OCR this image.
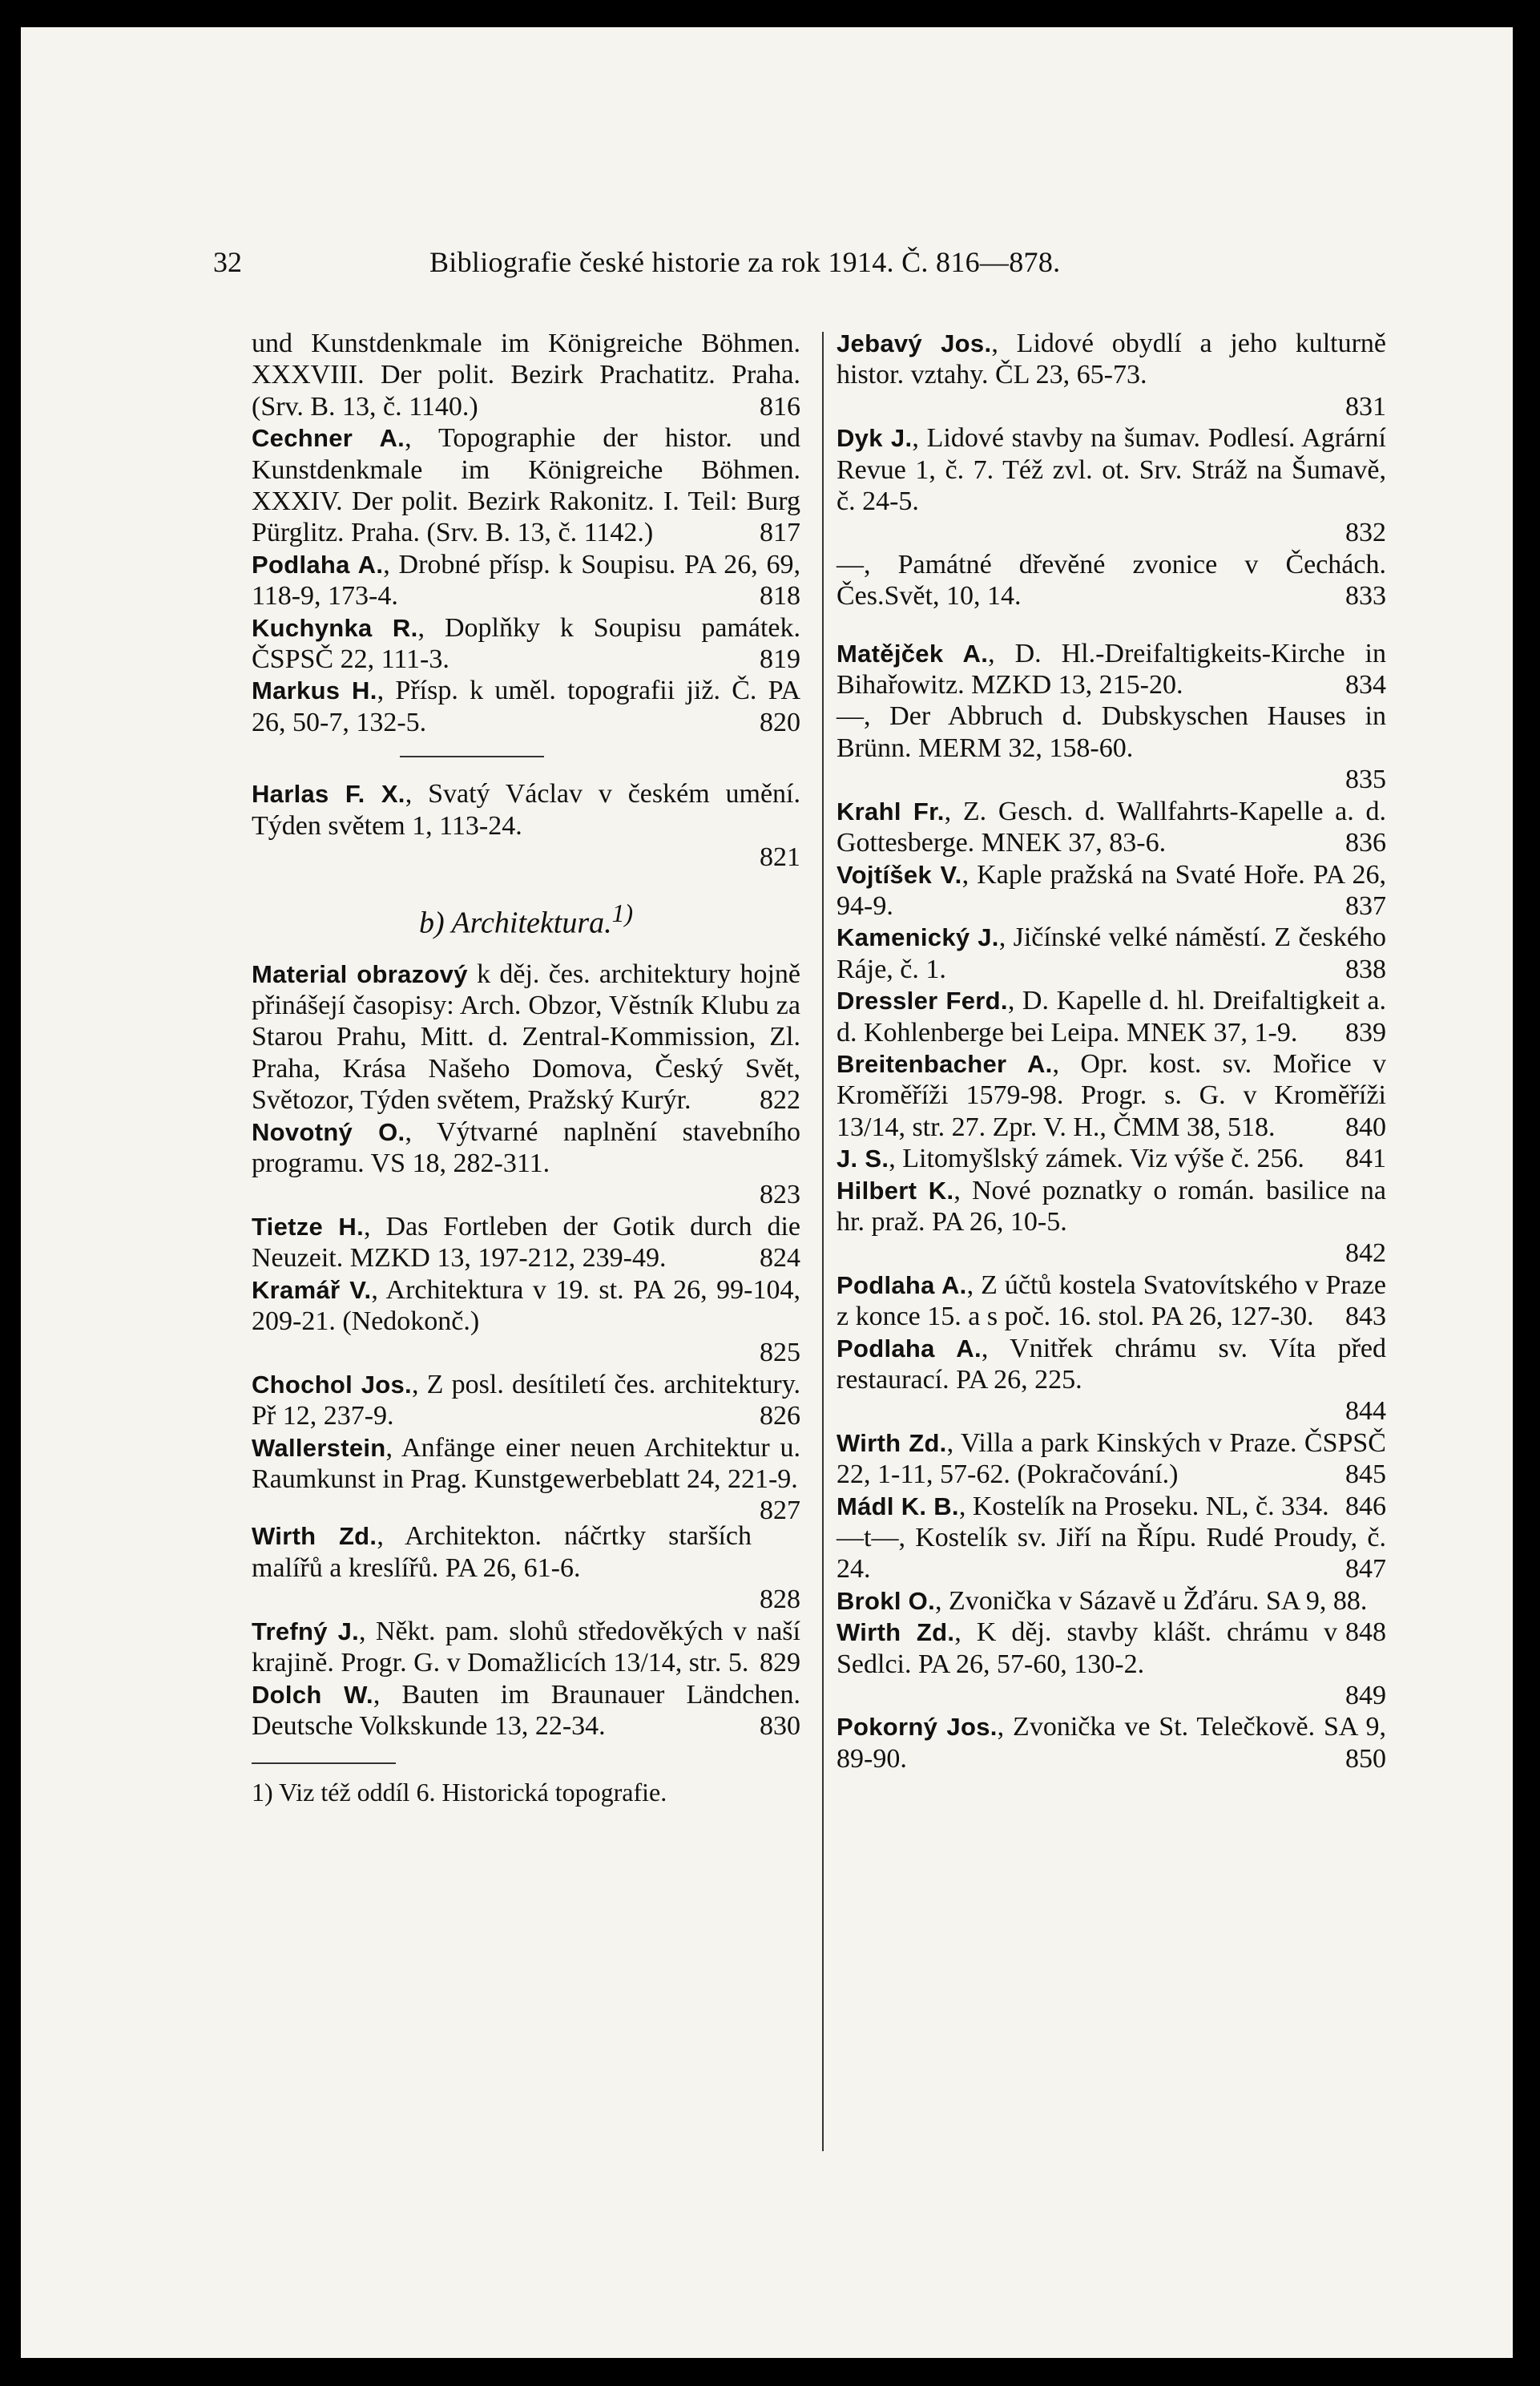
32	Bibliografie české historie za rok 1914. Č. 816—878.

und Kunstdenkmale im Königreiche Böhmen. XXXVIII. Der polit. Bezirk Prachatitz. Praha. (Srv. B. 13, č. 1140.)	816

Cechner A., Topographie der histor. und Kunstdenkmale im Königreiche Böhmen. XXXIV. Der polit. Bezirk Rakonitz. I. Teil: Burg Pürglitz. Praha. (Srv. B. 13, č. 1142.)	817

Podlaha A., Drobné přísp. k Soupisu. PA 26, 69, 118-9, 173-4.	818

Kuchynka R., Doplňky k Soupisu památek. ČSPSČ 22, 111-3.	819

Markus H., Přísp. k uměl. topografii již. Č. PA 26, 50-7, 132-5.	820

Harlas F. X., Svatý Václav v českém umění. Týden světem 1, 113-24.
821

b) Architektura.$^{1)}$

Material obrazový k děj. čes. architektury hojně přinášejí časopisy: Arch. Obzor, Věstník Klubu za Starou Prahu, Mitt. d. Zentral-Kommission, Zl. Praha, Krása Našeho Domova, Český Svět, Světozor, Týden světem, Pražský Kurýr.	822

Novotný O., Výtvarné naplnění stavebního programu. VS 18, 282-311.
823

Tietze H., Das Fortleben der Gotik durch die Neuzeit. MZKD 13, 197-212, 239-49.	824

Kramář V., Architektura v 19. st. PA 26, 99-104, 209-21. (Nedokonč.)
825

Chochol Jos., Z posl. desítiletí čes. architektury. Př 12, 237-9.	826

Wallerstein, Anfänge einer neuen Architektur u. Raumkunst in Prag. Kunstgewerbeblatt 24, 221-9.
827

Wirth Zd., Architekton. náčrtky starších malířů a kreslířů. PA 26, 61-6.
828

Trefný J., Někt. pam. slohů středověkých v naší krajině. Progr. G. v Domažlicích 13/14, str. 5. 829

Dolch W., Bauten im Braunauer Ländchen. Deutsche Volkskunde 13, 22-34.	830

1) Viz též oddíl 6. Historická topografie.

Jebavý Jos., Lidové obydlí a jeho kulturně histor. vztahy. ČL 23, 65-73.
831

Dyk J., Lidové stavby na šumav. Podlesí. Agrární Revue 1, č. 7. Též zvl. ot. Srv. Stráž na Šumavě, č. 24-5.
832

—, Památné dřevěné zvonice v Čechách. Čes.Svět, 10, 14.	833

Matějček A., D. Hl.-Dreifaltigkeits-Kirche in Bihařowitz. MZKD 13, 215-20.	834

—, Der Abbruch d. Dubskyschen Hauses in Brünn. MERM 32, 158-60.
835

Krahl Fr., Z. Gesch. d. Wallfahrts-Kapelle a. d. Gottesberge. MNEK 37, 83-6.	836

Vojtíšek V., Kaple pražská na Svaté Hoře. PA 26, 94-9.	837

Kamenický J., Jičínské velké náměstí. Z českého Ráje, č. 1.	838

Dressler Ferd., D. Kapelle d. hl. Dreifaltigkeit a. d. Kohlenberge bei Leipa. MNEK 37, 1-9. 839

Breitenbacher A., Opr. kost. sv. Mořice v Kroměříži 1579-98. Progr. s. G. v Kroměříži 13/14, str. 27. Zpr. V. H., ČMM 38, 518.	840

J. S., Litomyšlský zámek. Viz výše č. 256. 841

Hilbert K., Nové poznatky o román. basilice na hr. praž. PA 26, 10-5.
842

Podlaha A., Z účtů kostela Svatovítského v Praze z konce 15. a s poč. 16. stol. PA 26, 127-30. 843

Podlaha A., Vnitřek chrámu sv. Víta před restaurací. PA 26, 225.
844

Wirth Zd., Villa a park Kinských v Praze. ČSPSČ 22, 1-11, 57-62. (Pokračování.)	845

Mádl K. B., Kostelík na Proseku. NL, č. 334. 846

—t—, Kostelík sv. Jiří na Řípu. Rudé Proudy, č. 24.	847

Brokl O., Zvonička v Sázavě u Žďáru. SA 9, 88.
848

Wirth Zd., K děj. stavby klášt. chrámu v Sedlci. PA 26, 57-60, 130-2.
849

Pokorný Jos., Zvonička ve St. Telečkově. SA 9, 89-90.	850
